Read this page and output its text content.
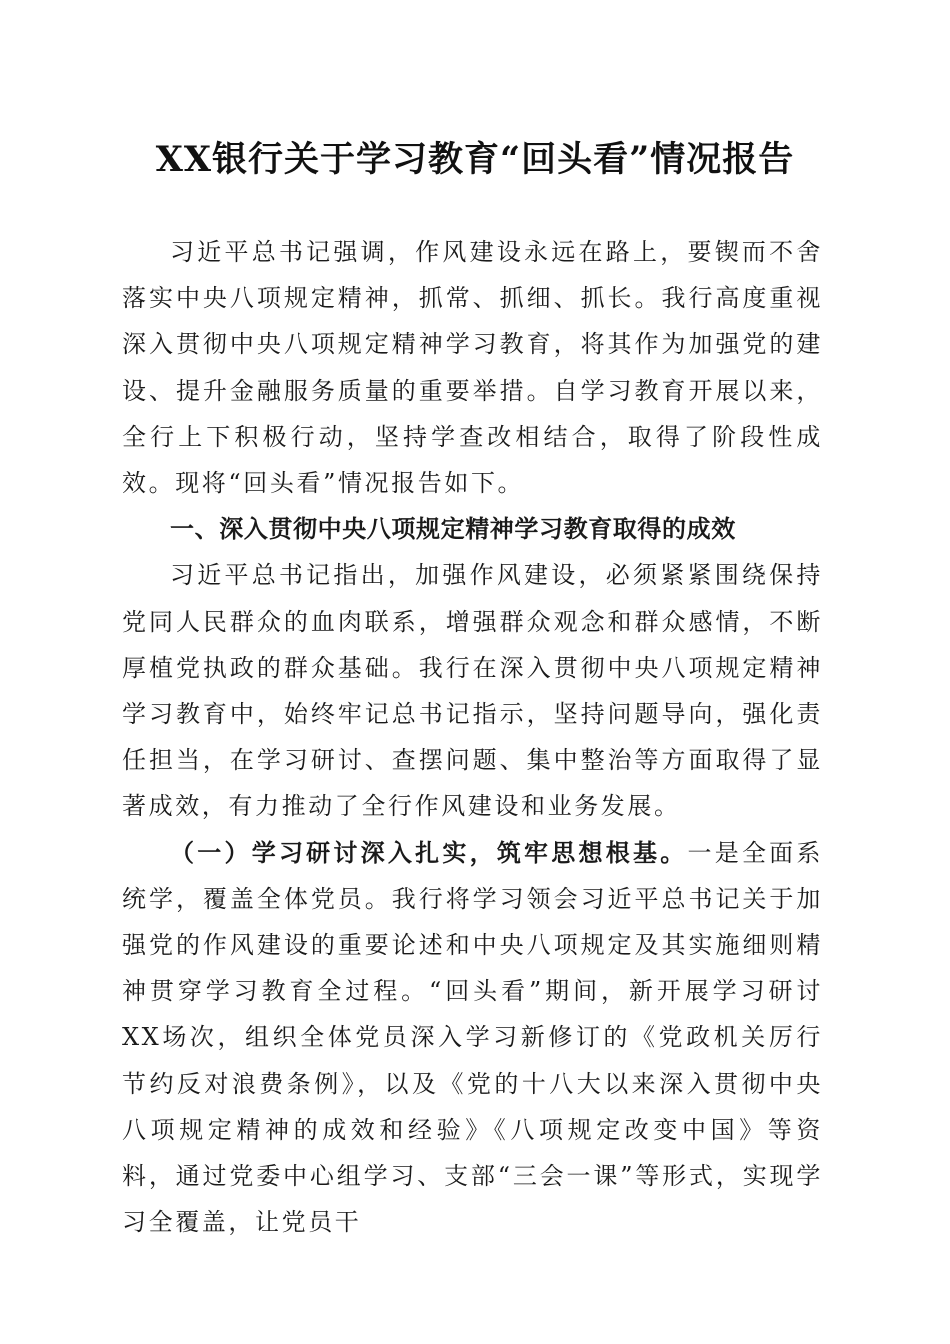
XX银行关于学习教育“回头看”情况报告

习近平总书记强调，作风建设永远在路上，要锲而不舍落实中央八项规定精神，抓常、抓细、抓长。我行高度重视深入贯彻中央八项规定精神学习教育，将其作为加强党的建设、提升金融服务质量的重要举措。自学习教育开展以来，全行上下积极行动，坚持学查改相结合，取得了阶段性成效。现将“回头看”情况报告如下。

一、深入贯彻中央八项规定精神学习教育取得的成效

习近平总书记指出，加强作风建设，必须紧紧围绕保持党同人民群众的血肉联系，增强群众观念和群众感情，不断厚植党执政的群众基础。我行在深入贯彻中央八项规定精神学习教育中，始终牢记总书记指示，坚持问题导向，强化责任担当，在学习研讨、查摆问题、集中整治等方面取得了显著成效，有力推动了全行作风建设和业务发展。

（一）学习研讨深入扎实，筑牢思想根基。一是全面系统学，覆盖全体党员。我行将学习领会习近平总书记关于加强党的作风建设的重要论述和中央八项规定及其实施细则精神贯穿学习教育全过程。“回头看”期间，新开展学习研讨XX场次，组织全体党员深入学习新修订的《党政机关厉行节约反对浪费条例》，以及《党的十八大以来深入贯彻中央八项规定精神的成效和经验》《八项规定改变中国》等资料，通过党委中心组学习、支部“三会一课”等形式，实现学习全覆盖，让党员干
